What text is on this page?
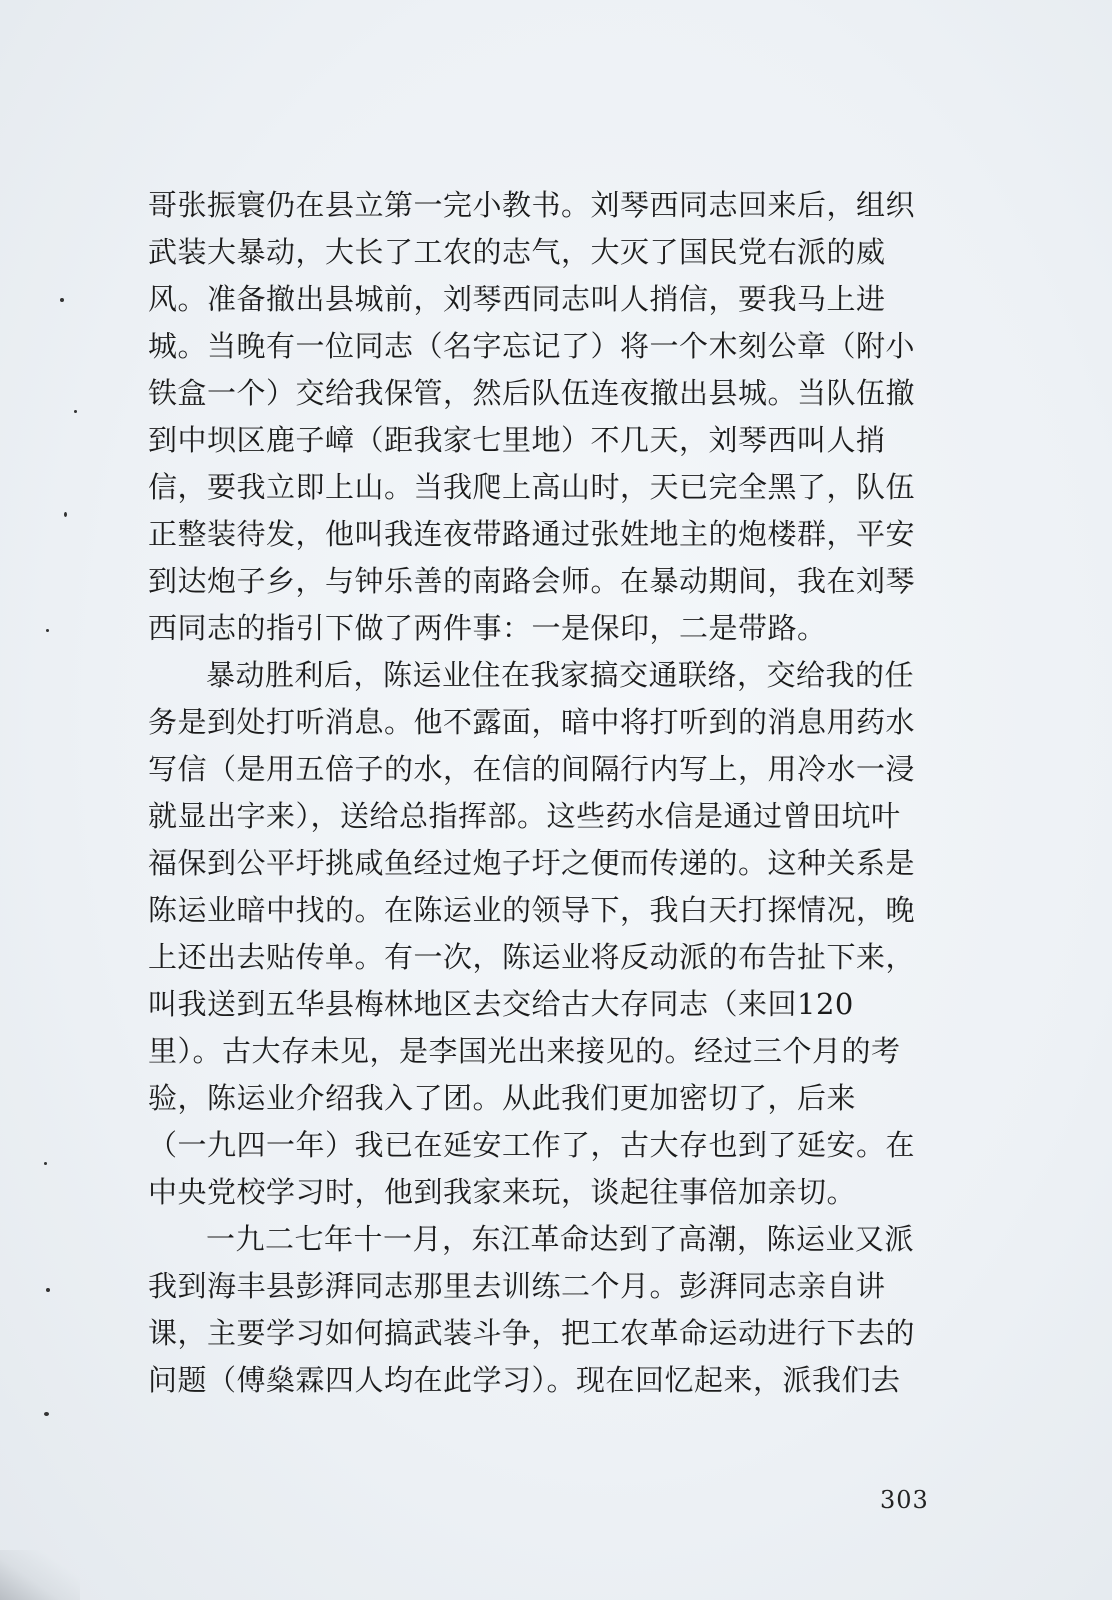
哥张振寰仍在县立第一完小教书。刘琴西同志回来后，组织
武装大暴动，大长了工农的志气，大灭了国民党右派的威
风。准备撤出县城前，刘琴西同志叫人捎信，要我马上进
城。当晚有一位同志（名字忘记了）将一个木刻公章（附小
铁盒一个）交给我保管，然后队伍连夜撤出县城。当队伍撤
到中坝区鹿子嶂（距我家七里地）不几天，刘琴西叫人捎
信，要我立即上山。当我爬上高山时，天已完全黑了，队伍
正整装待发，他叫我连夜带路通过张姓地主的炮楼群，平安
到达炮子乡，与钟乐善的南路会师。在暴动期间，我在刘琴
西同志的指引下做了两件事：一是保印，二是带路。
暴动胜利后，陈运业住在我家搞交通联络，交给我的任
务是到处打听消息。他不露面，暗中将打听到的消息用药水
写信（是用五倍子的水，在信的间隔行内写上，用冷水一浸
就显出字来），送给总指挥部。这些药水信是通过曾田坑叶
福保到公平圩挑咸鱼经过炮子圩之便而传递的。这种关系是
陈运业暗中找的。在陈运业的领导下，我白天打探情况，晚
上还出去贴传单。有一次，陈运业将反动派的布告扯下来，
叫我送到五华县梅林地区去交给古大存同志（来回120
里）。古大存未见，是李国光出来接见的。经过三个月的考
验，陈运业介绍我入了团。从此我们更加密切了，后来
（一九四一年）我已在延安工作了，古大存也到了延安。在
中央党校学习时，他到我家来玩，谈起往事倍加亲切。
一九二七年十一月，东江革命达到了高潮，陈运业又派
我到海丰县彭湃同志那里去训练二个月。彭湃同志亲自讲
课，主要学习如何搞武装斗争，把工农革命运动进行下去的
问题（傅燊霖四人均在此学习）。现在回忆起来，派我们去
303
